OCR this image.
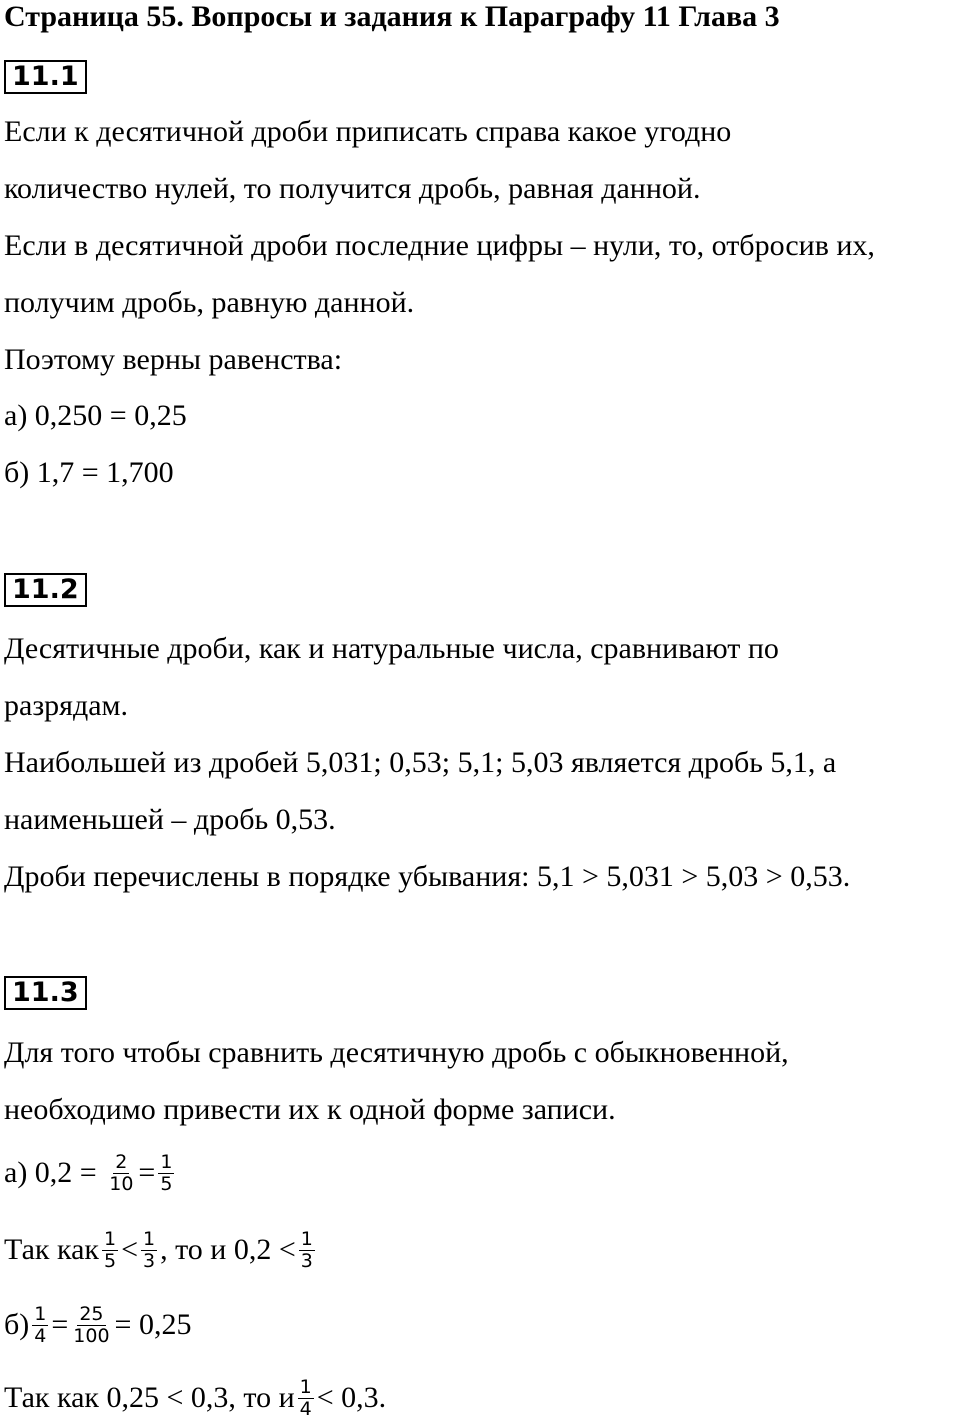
Страница 55. Вопросы и задания к Параграфу 11 Глава 3
11.1
Если к десятичной дроби приписать справа какое угодно
количество нулей, то получится дробь, равная данной.
Если в десятичной дроби последние цифры – нули, то, отбросив их,
получим дробь, равную данной.
Поэтому верны равенства:
а) 0,250 = 0,25
б) 1,7 = 1,700
11.2
Десятичные дроби, как и натуральные числа, сравнивают по
разрядам.
Наибольшей из дробей 5,031; 0,53; 5,1; 5,03 является дробь 5,1, а
наименьшей – дробь 0,53.
Дроби перечислены в порядке убывания: 5,1 > 5,031 > 5,03 > 0,53.
11.3
Для того чтобы сравнить десятичную дробь с обыкновенной,
необходимо привести их к одной форме записи.
а) $0,2 = \frac{2}{10} = \frac{1}{5}$
Так как $\frac{1}{5} < \frac{1}{3}$ , то и $0,2 < \frac{1}{3}$
$б) \frac{1}{4} = \frac{25}{100} = 0,25$
Так как 0,25 < 0,3, то и $\frac{1}{4} < 0,3$.
